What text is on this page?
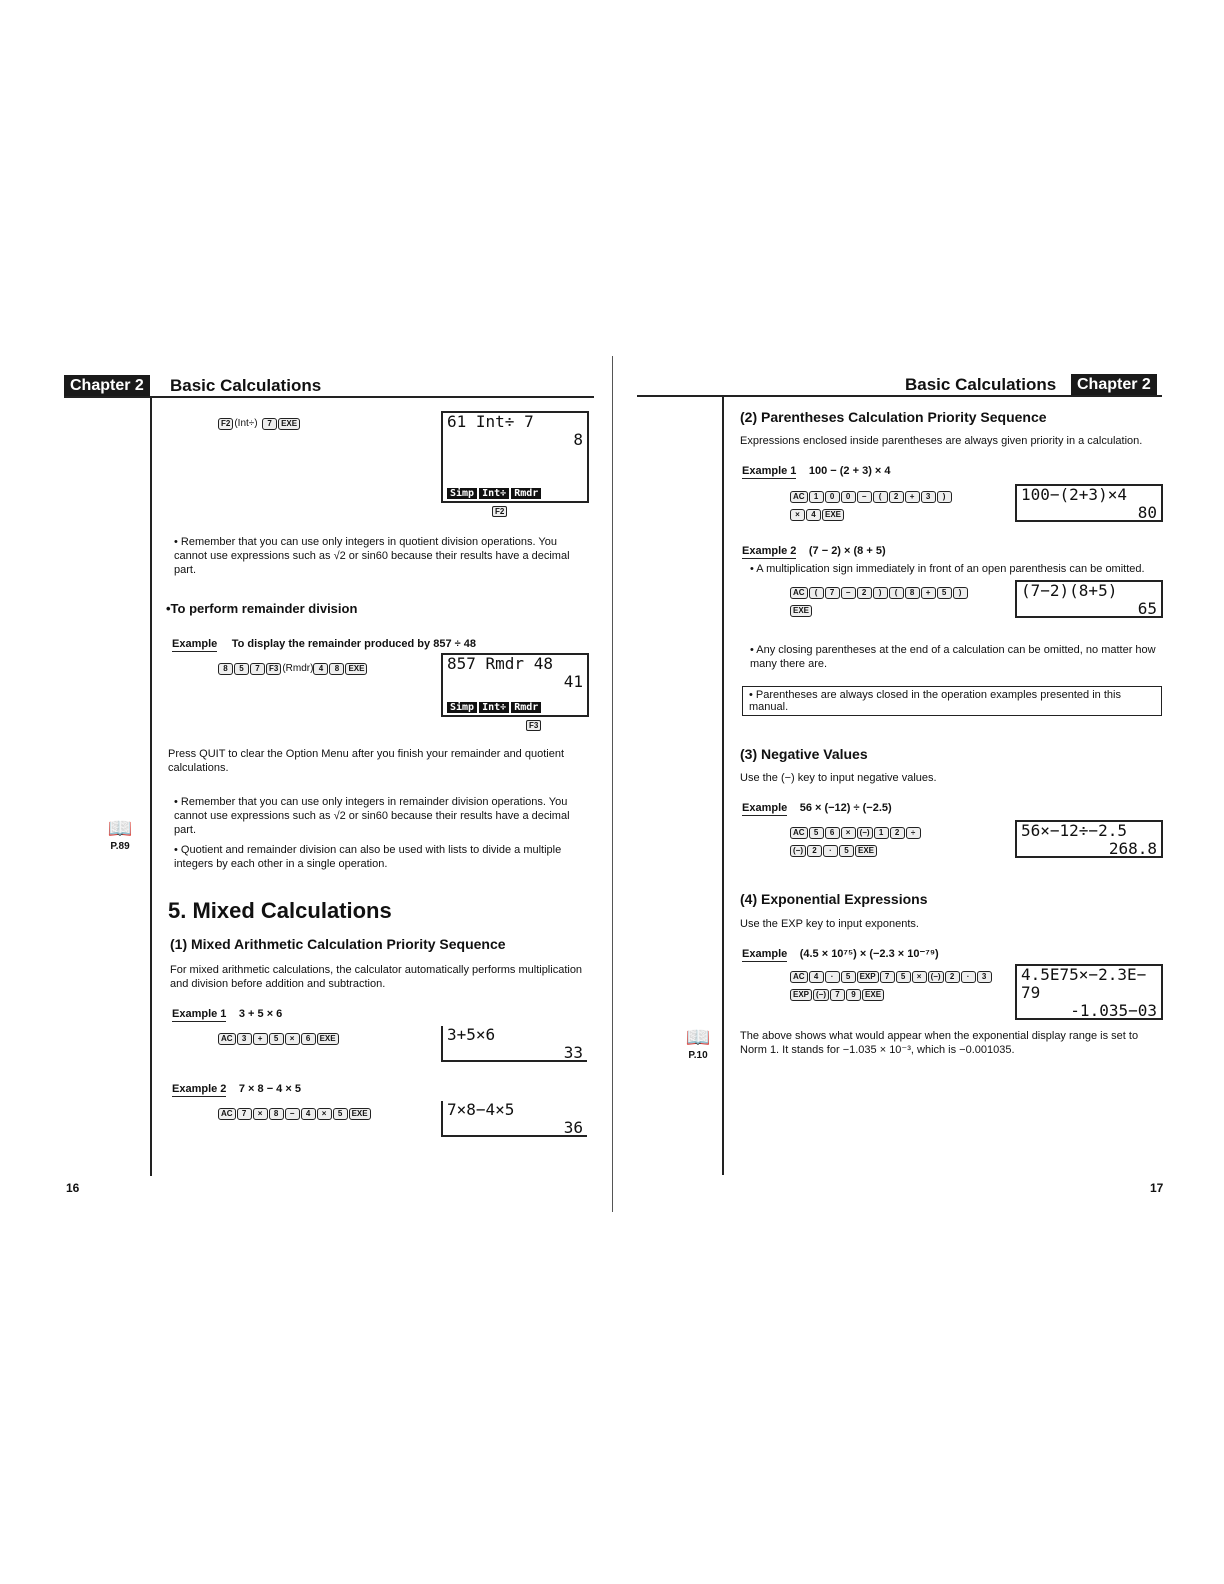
Chapter 2	Basic Calculations
F2 (Int÷) 7 EXE	61 Int÷ 7
8
Simp Int÷ Rmdr
F2
• Remember that you can use only integers in quotient division operations. You cannot use expressions such as √2 or sin60 because their results have a decimal part.
•To perform remainder division
Example To display the remainder produced by 857 ÷ 48
8 5 7 F3 (Rmdr) 4 8 EXE	857 Rmdr 48
41
Simp Int÷ Rmdr
F3
Press QUIT to clear the Option Menu after you finish your remainder and quotient calculations.
• Remember that you can use only integers in remainder division operations. You cannot use expressions such as √2 or sin60 because their results have a decimal part.
• Quotient and remainder division can also be used with lists to divide a multiple integers by each other in a single operation.
📖
P.89
5. Mixed Calculations
(1) Mixed Arithmetic Calculation Priority Sequence
For mixed arithmetic calculations, the calculator automatically performs multiplication and division before addition and subtraction.
Example 1 3 + 5 × 6
AC 3 + 5 × 6 EXE	3+5×6
33
Example 2 7 × 8 − 4 × 5
AC 7 × 8 − 4 × 5 EXE	7×8−4×5
36
16
Basic Calculations	Chapter 2
(2) Parentheses Calculation Priority Sequence
Expressions enclosed inside parentheses are always given priority in a calculation.
Example 1 100 − (2 + 3) × 4
AC 1 0 0 − ( 2 + 3 )
× 4 EXE
100−(2+3)×4
80
Example 2 (7 − 2) × (8 + 5)
• A multiplication sign immediately in front of an open parenthesis can be omitted.
AC ( 7 − 2 ) ( 8 + 5 )
EXE
(7−2)(8+5)
65
• Any closing parentheses at the end of a calculation can be omitted, no matter how many there are.
• Parentheses are always closed in the operation examples presented in this manual.
(3) Negative Values
Use the (−) key to input negative values.
Example 56 × (−12) ÷ (−2.5)
AC 5 6 × (−) 1 2 ÷
(−) 2 · 5 EXE
56×−12÷−2.5
268.8
(4) Exponential Expressions
Use the EXP key to input exponents.
Example (4.5 × 10⁷⁵) × (−2.3 × 10⁻⁷⁹)
AC 4 · 5 EXP 7 5 × (−) 2 · 3
EXP (−) 7 9 EXE
4.5E75×−2.3E−
79
-1.035−03
📖
P.10
The above shows what would appear when the exponential display range is set to Norm 1. It stands for −1.035 × 10⁻³, which is −0.001035.
17
